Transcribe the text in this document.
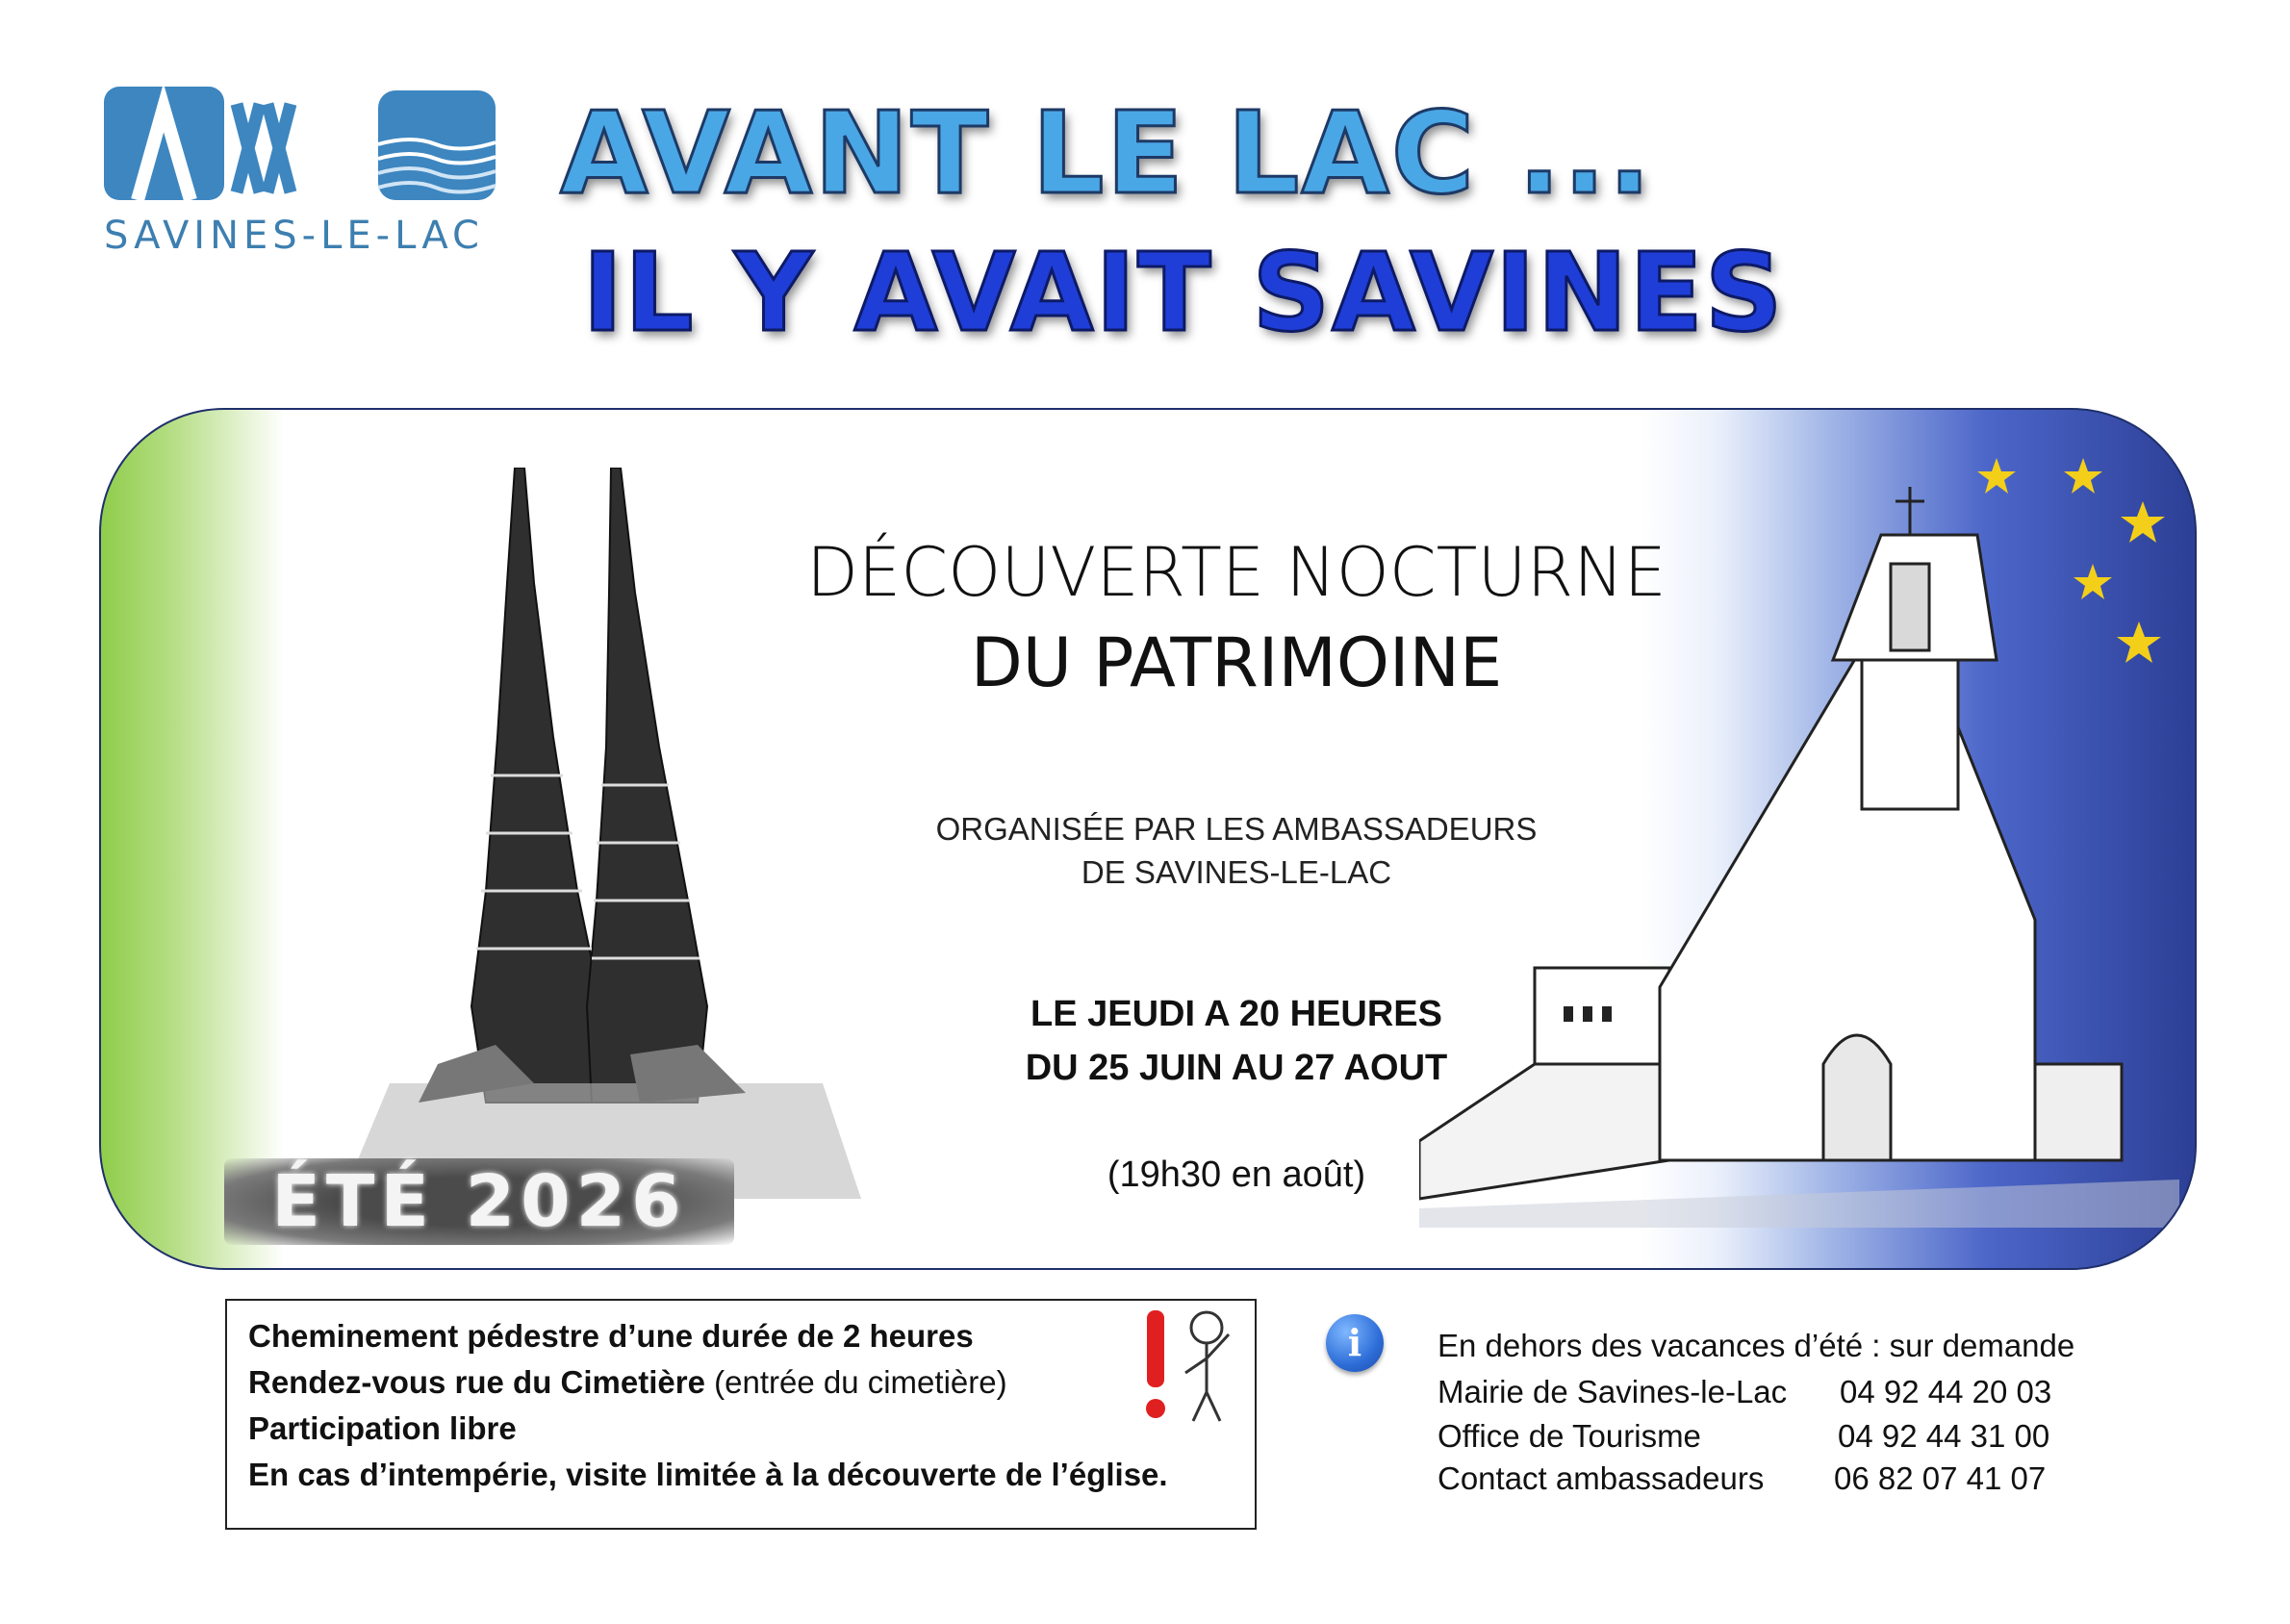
SAVINES-LE-LAC
AVANT LE LAC ...
IL Y AVAIT SAVINES
DÉCOUVERTE NOCTURNE
DU PATRIMOINE
ORGANISÉE PAR LES AMBASSADEURS
DE SAVINES-LE-LAC
LE JEUDI A 20 HEURES
DU 25 JUIN AU 27 AOUT
(19h30 en août)
ÉTÉ 2026
Cheminement pédestre d’une durée de 2 heures
Rendez-vous rue du Cimetière (entrée du cimetière)
Participation libre
En cas d’intempérie, visite limitée à la découverte de l’église.
i	En dehors des vacances d’été : sur demande
Mairie de Savines-le-Lac 04 92 44 20 03
Office de Tourisme	04 92 44 31 00
Contact ambassadeurs 06 82 07 41 07
